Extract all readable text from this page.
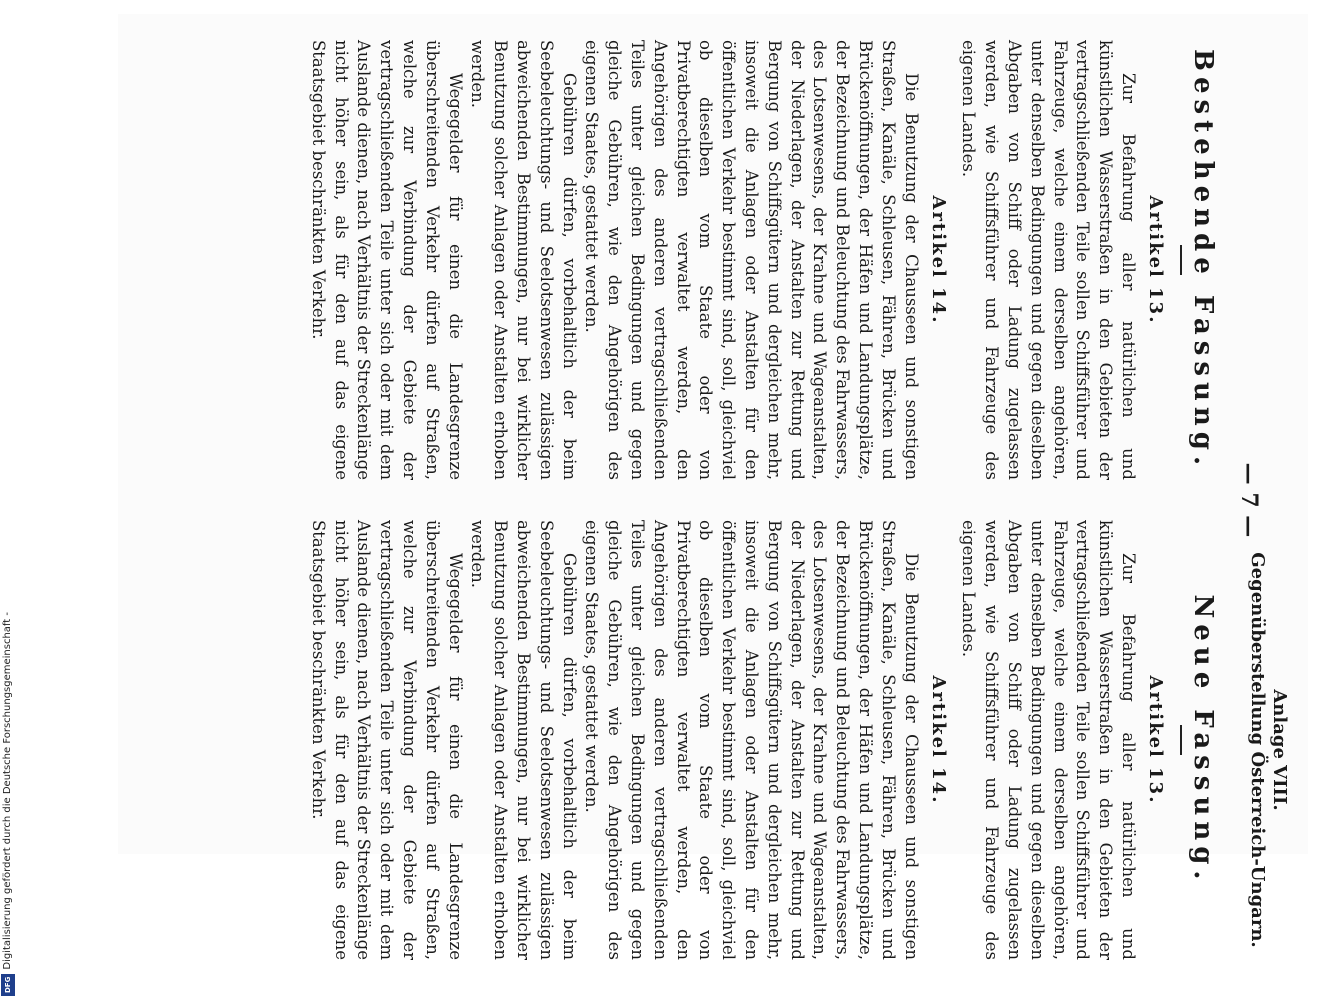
Digitalisierung gefördert durch die Deutsche Forschungsgemeinschaft -
DFG
Anlage VIII.
Gegenüberstellung Österreich-Ungarn.
— 7 —
Bestehende Fassung.
Artikel 13.

Zur Befahrung aller natürlichen und künstlichen Wasserstraßen in den Gebieten der vertragschließenden Teile sollen Schiffsführer und Fahrzeuge, welche einem derselben angehören, unter denselben Bedingungen und gegen dieselben Abgaben von Schiff oder Ladung zugelassen werden, wie Schiffsführer und Fahrzeuge des eigenen Landes.

Artikel 14.

Die Benutzung der Chausseen und sonstigen Straßen, Kanäle, Schleusen, Fähren, Brücken und Brückenöffnungen, der Häfen und Landungsplätze, der Bezeichnung und Beleuchtung des Fahrwassers, des Lotsenwesens, der Krahne und Wageanstalten, der Niederlagen, der Anstalten zur Rettung und Bergung von Schiffsgütern und dergleichen mehr, insoweit die Anlagen oder Anstalten für den öffentlichen Verkehr bestimmt sind, soll, gleichviel ob dieselben vom Staate oder von Privatberechtigten verwaltet werden, den Angehörigen des anderen vertragschließenden Teiles unter gleichen Bedingungen und gegen gleiche Gebühren, wie den Angehörigen des eigenen Staates, gestattet werden.

Gebühren dürfen, vorbehaltlich der beim Seebeleuchtungs- und Seelotsenwesen zulässigen abweichenden Bestimmungen, nur bei wirklicher Benutzung solcher Anlagen oder Anstalten erhoben werden.

Wegegelder für einen die Landesgrenze überschreitenden Verkehr dürfen auf Straßen, welche zur Verbindung der Gebiete der vertragschließenden Teile unter sich oder mit dem Auslande dienen, nach Verhältnis der Streckenlänge nicht höher sein, als für den auf das eigene Staatsgebiet beschränkten Verkehr.

Neue Fassung.
Artikel 13.

Zur Befahrung aller natürlichen und künstlichen Wasserstraßen in den Gebieten der vertragschließenden Teile sollen Schiffsführer und Fahrzeuge, welche einem derselben angehören, unter denselben Bedingungen und gegen dieselben Abgaben von Schiff oder Ladung zugelassen werden, wie Schiffsführer und Fahrzeuge des eigenen Landes.

Artikel 14.

Die Benutzung der Chausseen und sonstigen Straßen, Kanäle, Schleusen, Fähren, Brücken und Brückenöffnungen, der Häfen und Landungsplätze, der Bezeichnung und Beleuchtung des Fahrwassers, des Lotsenwesens, der Krahne und Wageanstalten, der Niederlagen, der Anstalten zur Rettung und Bergung von Schiffsgütern und dergleichen mehr, insoweit die Anlagen oder Anstalten für den öffentlichen Verkehr bestimmt sind, soll, gleichviel ob dieselben vom Staate oder von Privatberechtigten verwaltet werden, den Angehörigen des anderen vertragschließenden Teiles unter gleichen Bedingungen und gegen gleiche Gebühren, wie den Angehörigen des eigenen Staates, gestattet werden.

Gebühren dürfen, vorbehaltlich der beim Seebeleuchtungs- und Seelotsenwesen zulässigen abweichenden Bestimmungen, nur bei wirklicher Benutzung solcher Anlagen oder Anstalten erhoben werden.

Wegegelder für einen die Landesgrenze überschreitenden Verkehr dürfen auf Straßen, welche zur Verbindung der Gebiete der vertragschließenden Teile unter sich oder mit dem Auslande dienen, nach Verhältnis der Streckenlänge nicht höher sein, als für den auf das eigene Staatsgebiet beschränkten Verkehr.
